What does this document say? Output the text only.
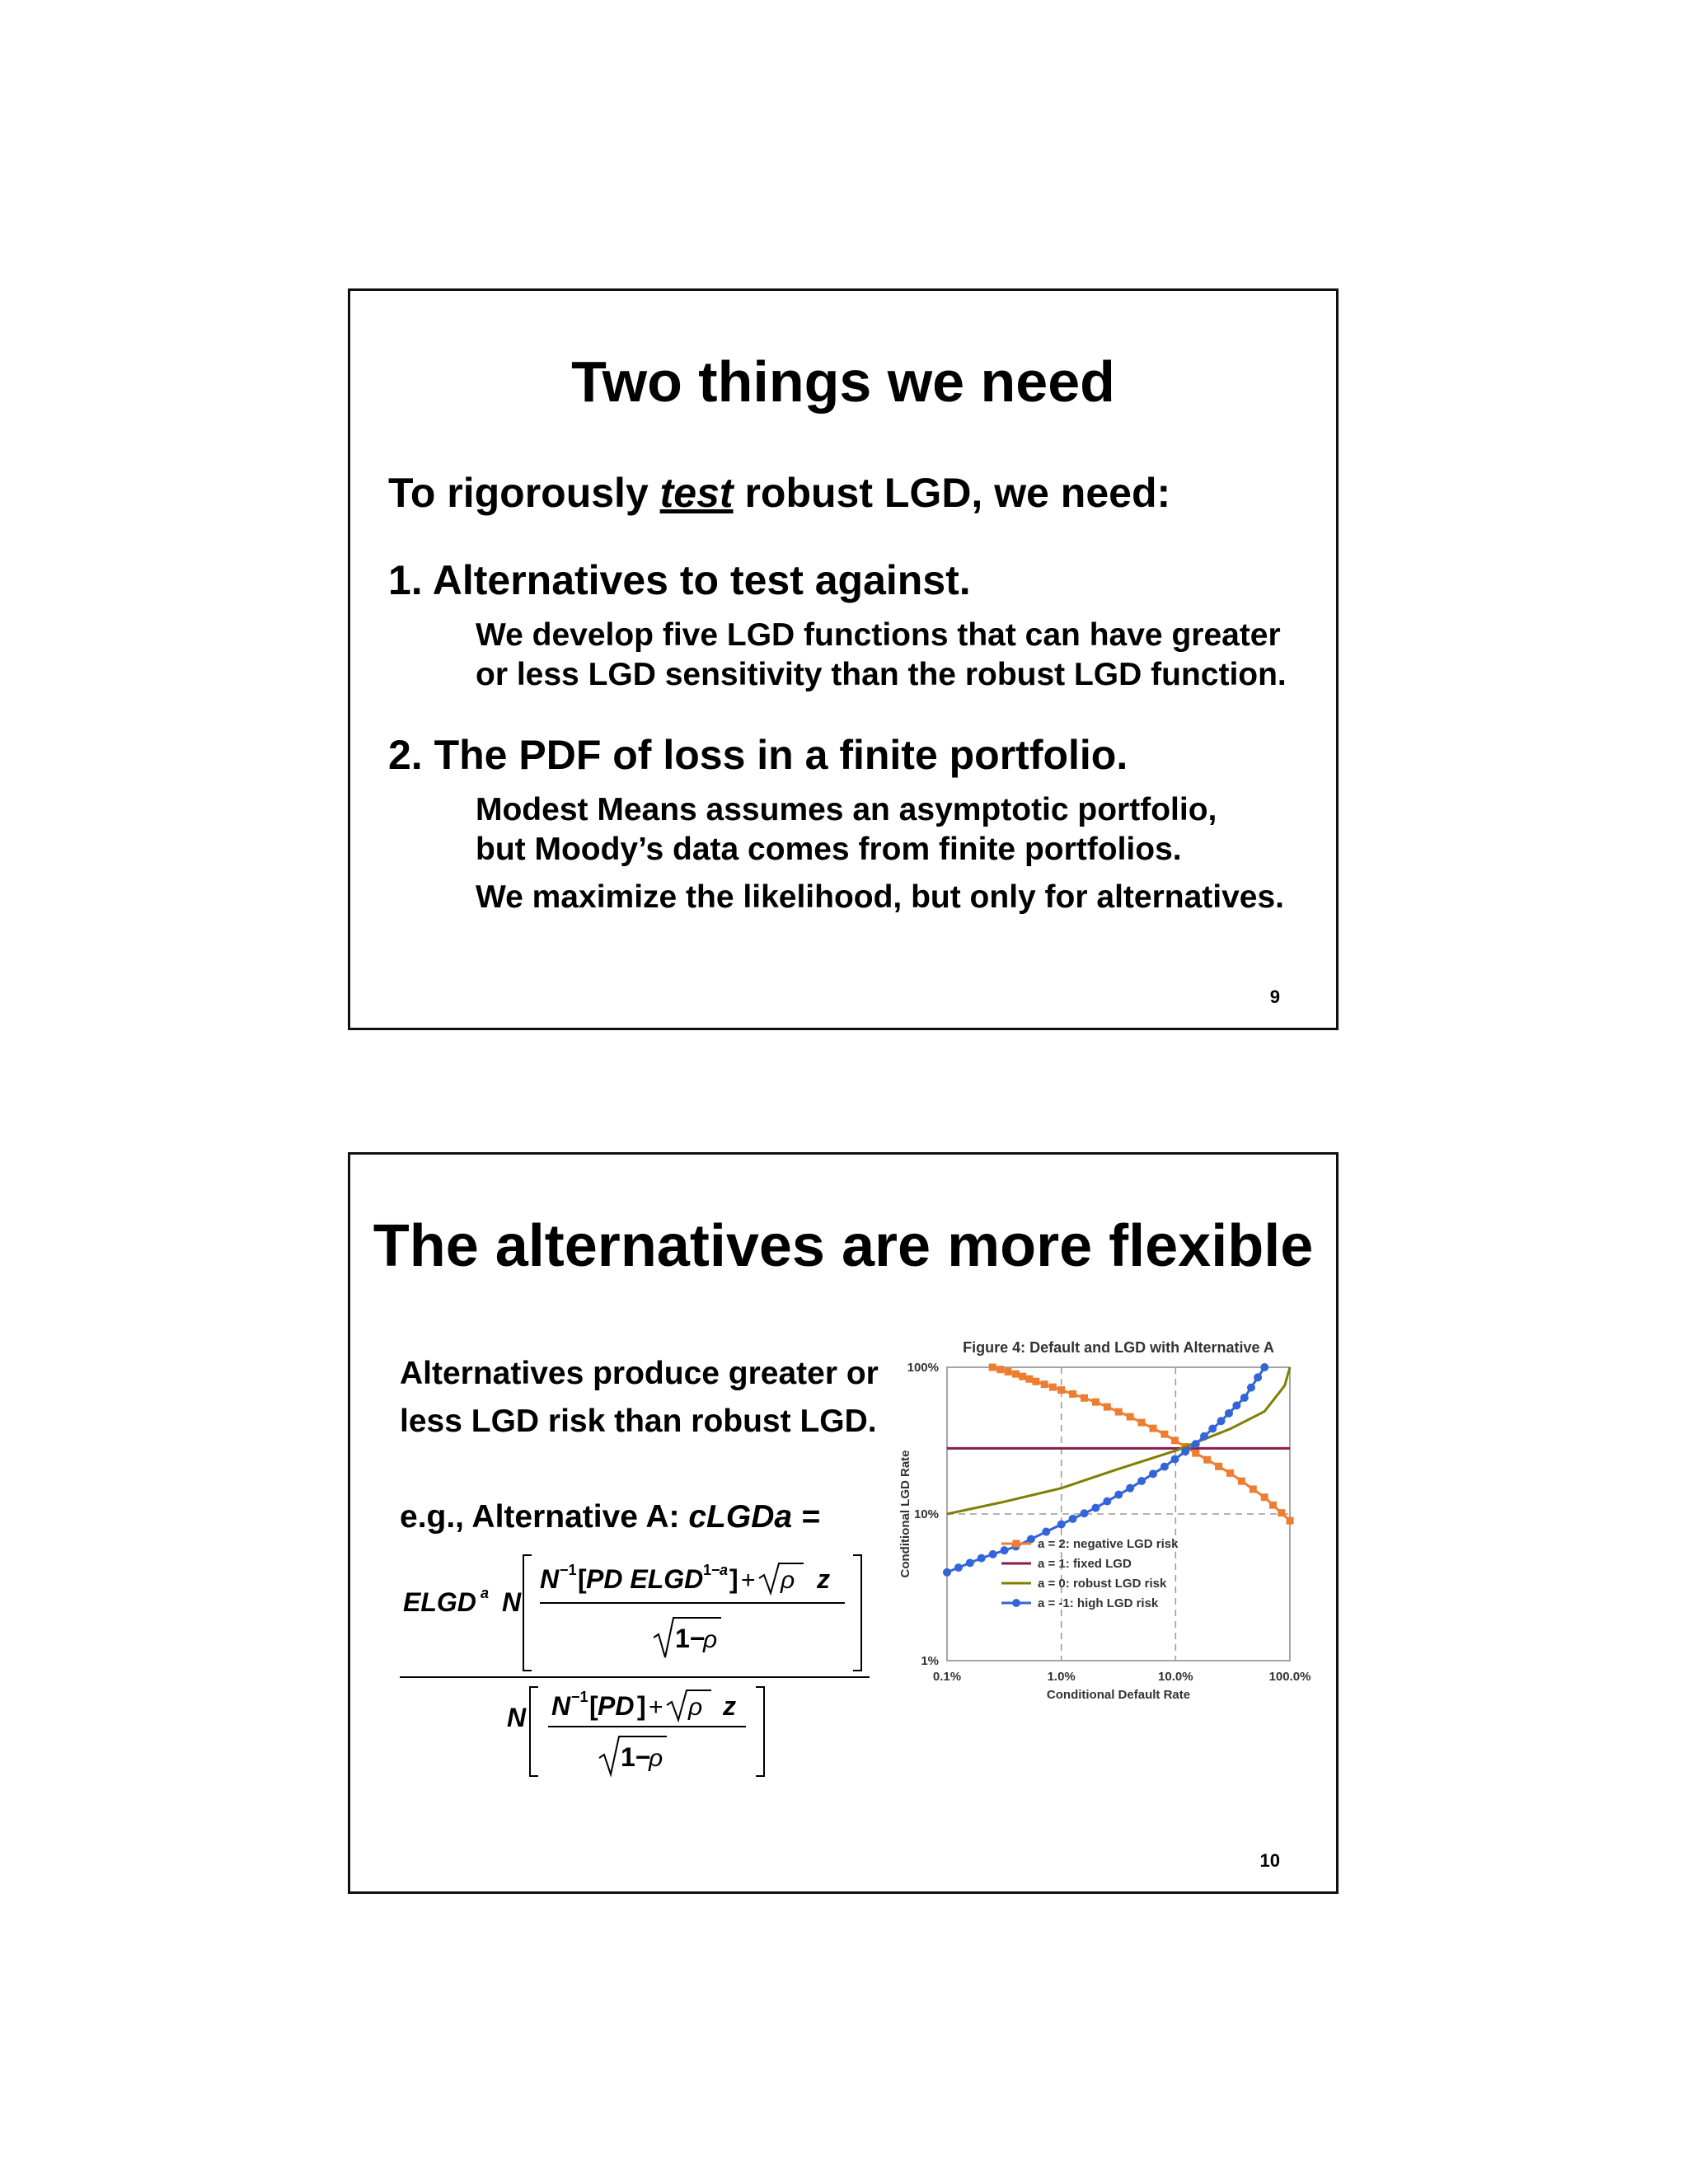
Two things we need
To rigorously test robust LGD, we need:
1. Alternatives to test against.
We develop five LGD functions that can have greater
or less LGD sensitivity than the robust LGD function.
2. The PDF of loss in a finite portfolio.
Modest Means assumes an asymptotic portfolio,
but Moody’s data comes from finite portfolios.
We maximize the likelihood, but only for alternatives.
9
The alternatives are more flexible
Alternatives produce greater or
less LGD risk than robust LGD.
e.g., Alternative A: cLGDa =
ELGD a N
N −1 [ PD ELGD 1− a ] + ρ z
1−
ρ
N N −1 [ PD ] + ρ z
1−
ρ
Figure 4: Default and LGD with Alternative A
0.1%	1.0%	10.0%	100.0%
1%
10%
100%
Conditional Default Rate
Conditional LGD Rate	a = 2: negative LGD risk
a = 1: fixed LGD
a = 0: robust LGD risk
a = -1: high LGD risk
10
